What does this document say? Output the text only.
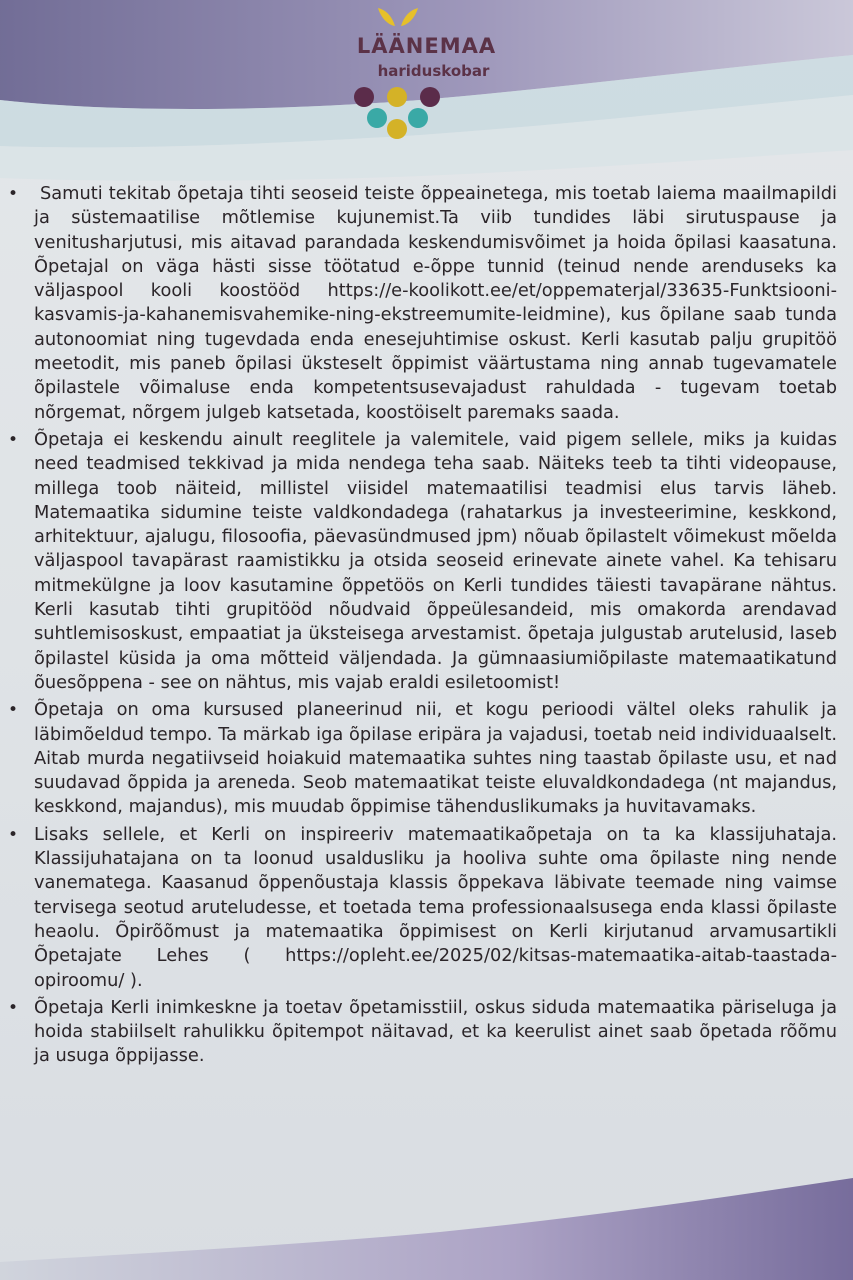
LÄÄNEMAA
hariduskobar
•	Samuti tekitab õpetaja tihti seoseid teiste õppeainetega, mis toetab laiema maailmapildi ja süstemaatilise mõtlemise kujunemist.Ta viib tundides läbi sirutuspause ja venitusharjutusi, mis aitavad parandada keskendumisvõimet ja hoida õpilasi kaasatuna. Õpetajal on väga hästi sisse töötatud e-õppe tunnid (teinud nende arenduseks ka väljaspool kooli koostööd https://e-koolikott.ee/et/oppematerjal/33635-Funktsiooni-kasvamis-ja-kahanemisvahemike-ning-ekstreemumite-leidmine), kus õpilane saab tunda autonoomiat ning tugevdada enda enesejuhtimise oskust. Kerli kasutab palju grupitöö meetodit, mis paneb õpilasi üksteselt õppimist väärtustama ning annab tugevamatele õpilastele võimaluse enda kompetentsusevajadust rahuldada - tugevam toetab nõrgemat, nõrgem julgeb katsetada, koostöiselt paremaks saada.
• Õpetaja ei keskendu ainult reeglitele ja valemitele, vaid pigem sellele, miks ja kuidas need teadmised tekkivad ja mida nendega teha saab. Näiteks teeb ta tihti videopause, millega toob näiteid, millistel viisidel matemaatilisi teadmisi elus tarvis läheb. Matemaatika sidumine teiste valdkondadega (rahatarkus ja investeerimine, keskkond, arhitektuur, ajalugu, filosoofia, päevasündmused jpm) nõuab õpilastelt võimekust mõelda väljaspool tavapärast raamistikku ja otsida seoseid erinevate ainete vahel. Ka tehisaru mitmekülgne ja loov kasutamine õppetöös on Kerli tundides täiesti tavapärane nähtus. Kerli kasutab tihti grupitööd nõudvaid õppeülesandeid, mis omakorda arendavad suhtlemisoskust, empaatiat ja üksteisega arvestamist. õpetaja julgustab arutelusid, laseb õpilastel küsida ja oma mõtteid väljendada. Ja gümnaasiumiõpilaste matemaatikatund õuesõppena - see on nähtus, mis vajab eraldi esiletoomist!
• Õpetaja on oma kursused planeerinud nii, et kogu perioodi vältel oleks rahulik ja läbimõeldud tempo. Ta märkab iga õpilase eripära ja vajadusi, toetab neid individuaalselt. Aitab murda negatiivseid hoiakuid matemaatika suhtes ning taastab õpilaste usu, et nad suudavad õppida ja areneda. Seob matemaatikat teiste eluvaldkondadega (nt majandus, keskkond, majandus), mis muudab õppimise tähenduslikumaks ja huvitavamaks.
• Lisaks sellele, et Kerli on inspireeriv matemaatikaõpetaja on ta ka klassijuhataja. Klassijuhatajana on ta loonud usaldusliku ja hooliva suhte oma õpilaste ning nende vanematega. Kaasanud õppenõustaja klassis õppekava läbivate teemade ning vaimse tervisega seotud aruteludesse, et toetada tema professionaalsusega enda klassi õpilaste heaolu. Õpirõõmust ja matemaatika õppimisest on Kerli kirjutanud arvamusartikli Õpetajate Lehes ( https://opleht.ee/2025/02/kitsas-matemaatika-aitab-taastada-opiroomu/ ).
• Õpetaja Kerli inimkeskne ja toetav õpetamisstiil, oskus siduda matemaatika päriseluga ja hoida stabiilselt rahulikku õpitempot näitavad, et ka keerulist ainet saab õpetada rõõmu ja usuga õppijasse.
